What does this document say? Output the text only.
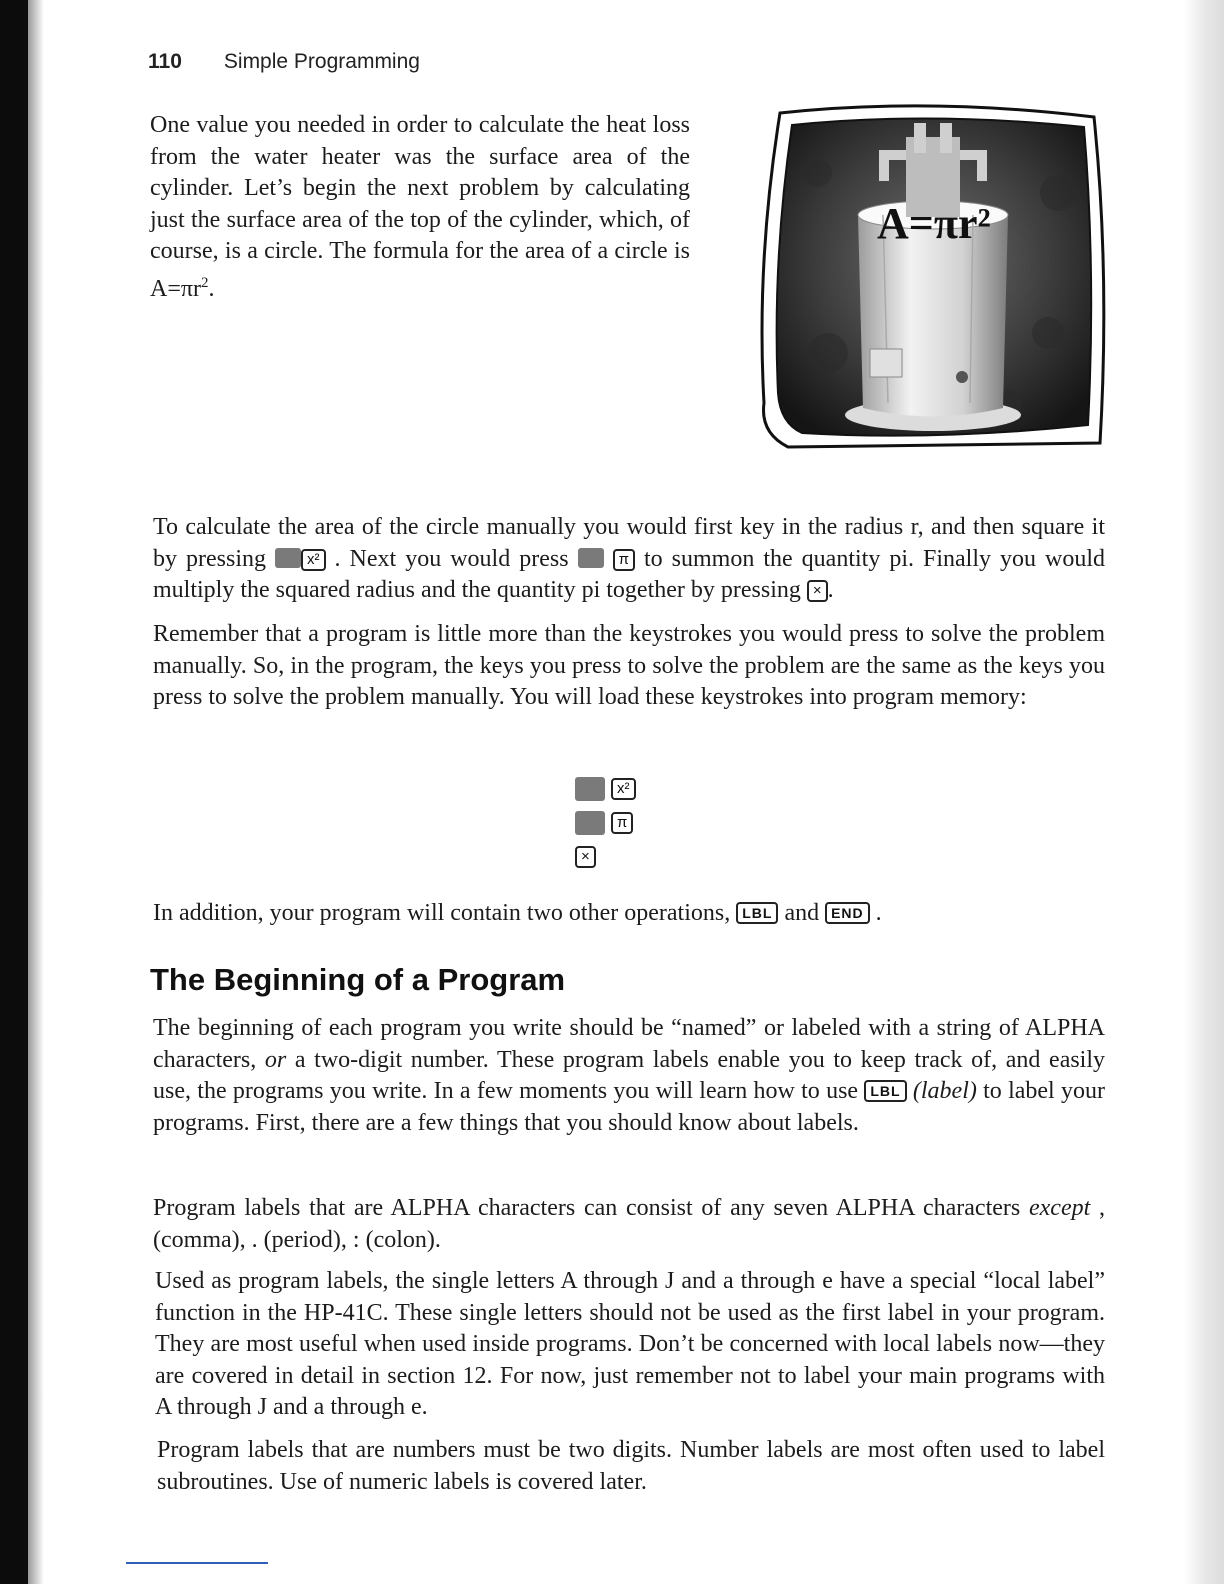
110 Simple Programming
One value you needed in order to calculate the heat loss from the water heater was the surface area of the cylinder. Let’s begin the next problem by calculating just the surface area of the top of the cylinder, which, of course, is a circle. The formula for the area of a circle is $A=\pi r^2$.
A=πr²
To calculate the area of the circle manually you would first key in the radius r, and then square it by pressing	x² . Next you would press	π to summon the quantity pi. Finally you would multiply the squared radius and the quantity pi together by pressing × .
Remember that a program is little more than the keystrokes you would press to solve the problem manually. So, in the program, the keys you press to solve the problem are the same as the keys you press to solve the problem manually. You will load these keystrokes into program memory:
x²
π
×
In addition, your program will contain two other operations, LBL and END .
The Beginning of a Program
The beginning of each program you write should be “named” or labeled with a string of ALPHA characters, or a two-digit number. These program labels enable you to keep track of, and easily use, the programs you write. In a few moments you will learn how to use LBL (label) to label your programs. First, there are a few things that you should know about labels.
Program labels that are ALPHA characters can consist of any seven ALPHA characters except , (comma), . (period), : (colon).
Used as program labels, the single letters A through J and a through e have a special “local label” function in the HP-41C. These single letters should not be used as the first label in your program. They are most useful when used inside programs. Don’t be concerned with local labels now—they are covered in detail in section 12. For now, just remember not to label your main programs with A through J and a through e.
Program labels that are numbers must be two digits. Number labels are most often used to label subroutines. Use of numeric labels is covered later.
